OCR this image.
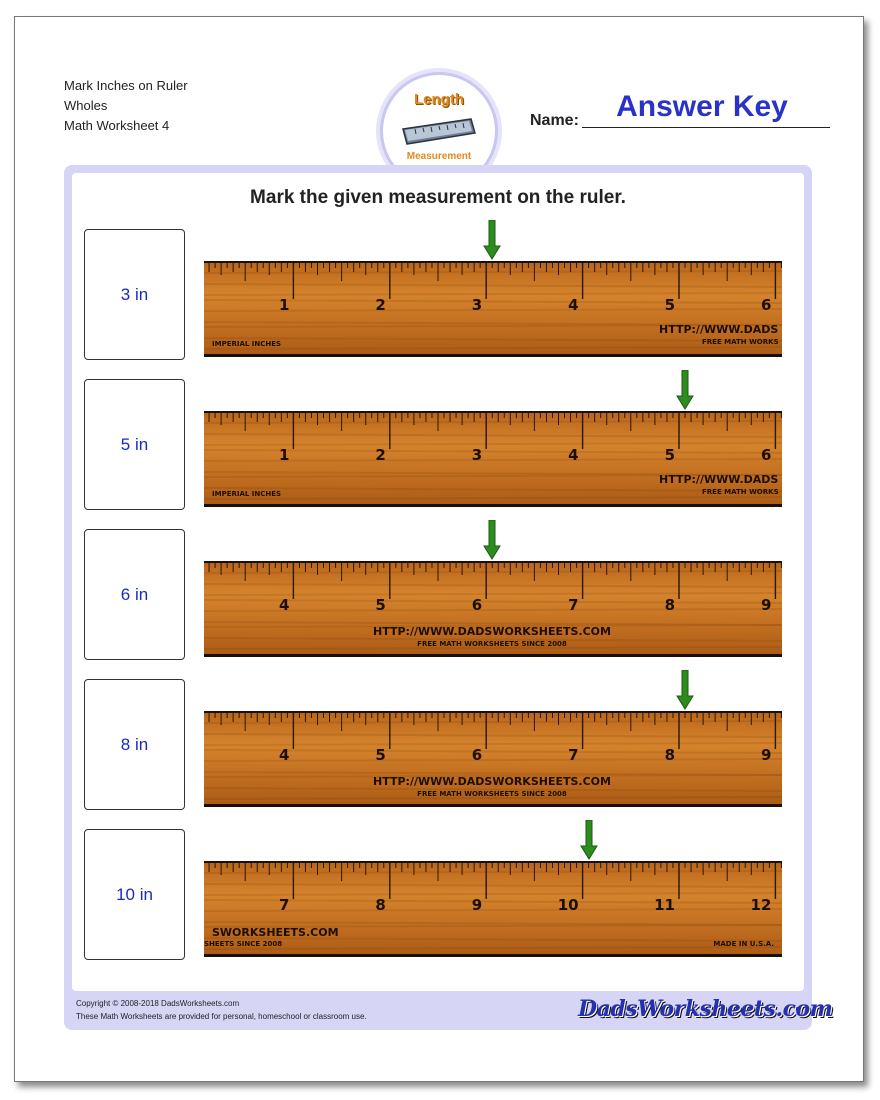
Mark Inches on Ruler
Wholes
Math Worksheet 4
Length
Measurement
Answer Key
Name:
Mark the given measurement on the ruler.
3 in
1	2	3	4	5	6
IMPERIAL INCHES
HTTP://WWW.DADS
FREE MATH WORKS
5 in
1	2	3	4	5	6
IMPERIAL INCHES
HTTP://WWW.DADS
FREE MATH WORKS
6 in
4	5	6	7	8	9
HTTP://WWW.DADSWORKSHEETS.COM
FREE MATH WORKSHEETS SINCE 2008
8 in
4	5	6	7	8	9
HTTP://WWW.DADSWORKSHEETS.COM
FREE MATH WORKSHEETS SINCE 2008
10 in
7	8	9	10	11	12
SWORKSHEETS.COM
SHEETS SINCE 2008	MADE IN U.S.A.
Copyright © 2008-2018 DadsWorksheets.com
These Math Worksheets are provided for personal, homeschool or classroom use.	DadsWorksheets.com
